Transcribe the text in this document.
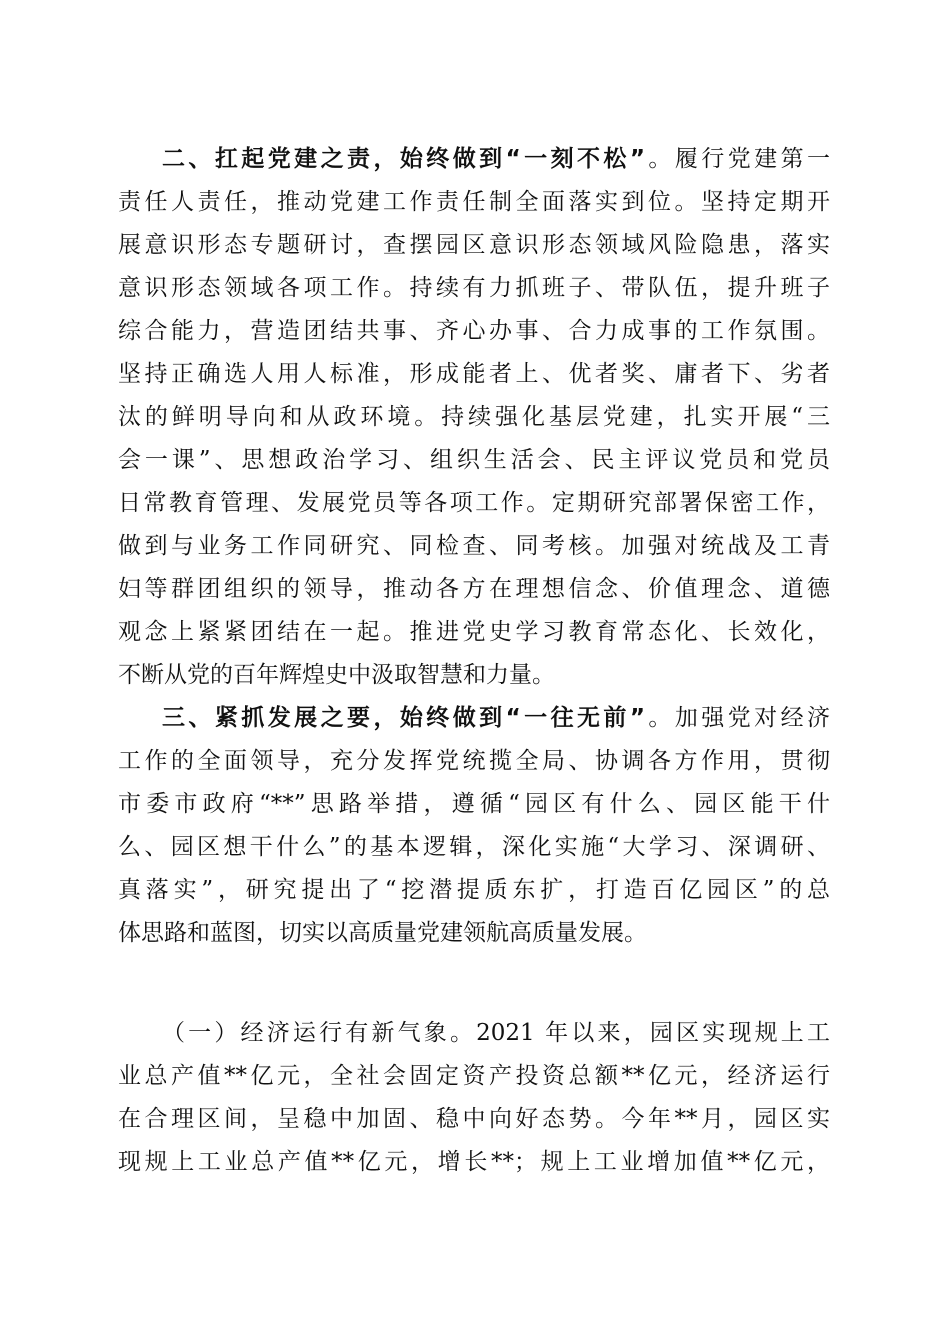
二、扛起党建之责，始终做到“一刻不松”。履行党建第一
责任人责任，推动党建工作责任制全面落实到位。坚持定期开
展意识形态专题研讨，查摆园区意识形态领域风险隐患，落实
意识形态领域各项工作。持续有力抓班子、带队伍，提升班子
综合能力，营造团结共事、齐心办事、合力成事的工作氛围。
坚持正确选人用人标准，形成能者上、优者奖、庸者下、劣者
汰的鲜明导向和从政环境。持续强化基层党建，扎实开展“三
会一课”、思想政治学习、组织生活会、民主评议党员和党员
日常教育管理、发展党员等各项工作。定期研究部署保密工作，
做到与业务工作同研究、同检查、同考核。加强对统战及工青
妇等群团组织的领导，推动各方在理想信念、价值理念、道德
观念上紧紧团结在一起。推进党史学习教育常态化、长效化，
不断从党的百年辉煌史中汲取智慧和力量。
三、紧抓发展之要，始终做到“一往无前”。加强党对经济
工作的全面领导，充分发挥党统揽全局、协调各方作用，贯彻
市委市政府“**”思路举措，遵循“园区有什么、园区能干什
么、园区想干什么”的基本逻辑，深化实施“大学习、深调研、
真落实”，研究提出了“挖潜提质东扩，打造百亿园区”的总
体思路和蓝图，切实以高质量党建领航高质量发展。
（一）经济运行有新气象。2021 年以来，园区实现规上工
业总产值**亿元，全社会固定资产投资总额**亿元，经济运行
在合理区间，呈稳中加固、稳中向好态势。今年**月，园区实
现规上工业总产值**亿元，增长**；规上工业增加值**亿元，
